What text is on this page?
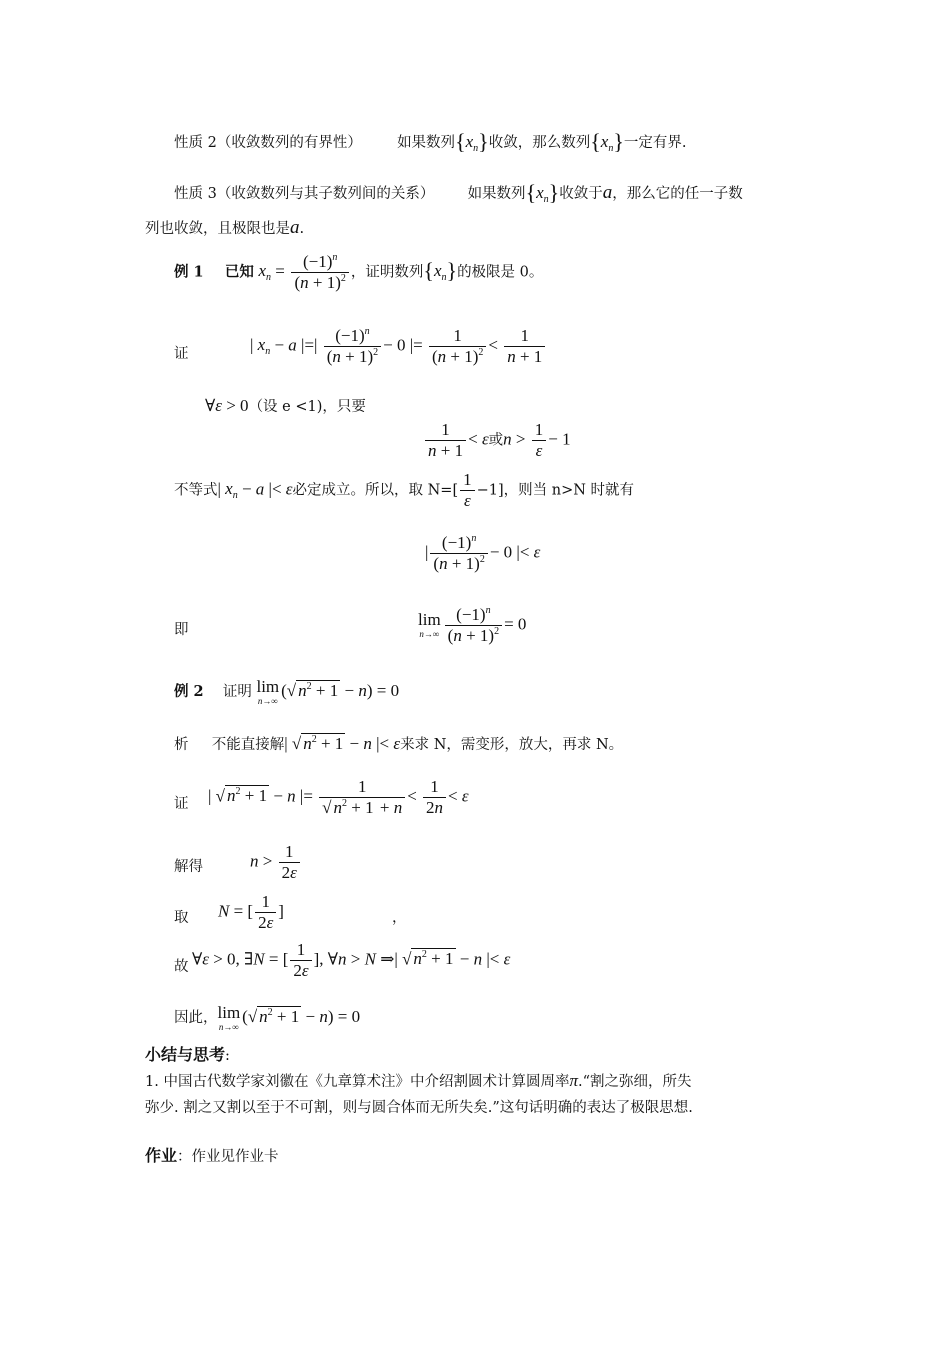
性质 2（收敛数列的有界性） 如果数列$\{x_n\}$收敛，那么数列$\{x_n\}$一定有界.
性质 3（收敛数列与其子数列间的关系） 如果数列$\{x_n\}$收敛于a，那么它的任一子数
列也收敛，且极限也是a.
例 1 已知 $x_n = \frac{(-1)^n}{(n + 1)^2}$ ，证明数列$\{x_n\}$的极限是 0。
证	| $x_n - a$ |=| $\frac{(-1)^n}{(n + 1)^2} - 0$ |= $\frac{1}{(n + 1)^2} < \frac{1}{n + 1}$
∀ε > 0（设 e <1)，只要
$\frac{1}{n + 1} < \varepsilon$或$n > \frac{1}{\varepsilon} - 1$
不等式| $x_n - a$ |< ε必定成立。所以，取 $N=[ \frac{1}{\varepsilon} -1]$，则当 n>N 时就有
| $\frac{(-1)^n}{(n + 1)^2} - 0$ |< ε
即
lim
$n\to\infty \frac{(-1)^n}{(n + 1)^2} = 0$
例 2 证明 lim
n→∞
(√ $n^2 + 1 - n) = 0$
析 不能直接解| √ $n^2 + 1 - n$ |< ε来求 N，需变形，放大，再求 N。
证 | √ $n^2 + 1 - n$ |= $\frac{1}{√ n^2 + 1 + n} < \frac{1}{2n} < \varepsilon$
解得	$n > \frac{1}{2\varepsilon}$
取 N = [ $\frac{1}{2\varepsilon}$ ]	，
故 ∀ε > 0, ∃N = [ $\frac{1}{2\varepsilon}$ ], ∀n > N ⇒| √ $n^2 + 1 - n$ |< ε
因此， lim
n→∞
(√ $n^2 + 1 - n) = 0$
小结与思考:
1. 中国古代数学家刘徽在《九章算术注》中介绍割圆术计算圆周率π.“割之弥细，所失
弥少. 割之又割以至于不可割，则与圆合体而无所失矣.”这句话明确的表达了极限思想.
作业：作业见作业卡
